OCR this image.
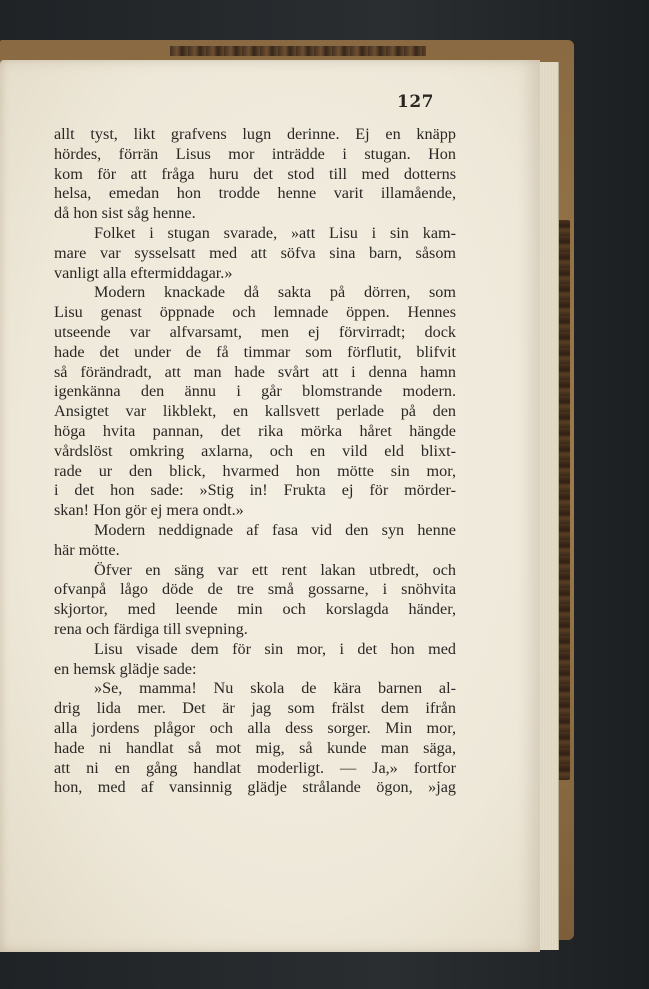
127
allt tyst, likt grafvens lugn derinne. Ej en knäpp
hördes, förrän Lisus mor inträdde i stugan. Hon
kom för att fråga huru det stod till med dotterns
helsa, emedan hon trodde henne varit illamående,
då hon sist såg henne.
Folket i stugan svarade, »att Lisu i sin kam-
mare var sysselsatt med att söfva sina barn, såsom
vanligt alla eftermiddagar.»
Modern knackade då sakta på dörren, som
Lisu genast öppnade och lemnade öppen. Hennes
utseende var alfvarsamt, men ej förvirradt; dock
hade det under de få timmar som förflutit, blifvit
så förändradt, att man hade svårt att i denna hamn
igenkänna den ännu i går blomstrande modern.
Ansigtet var likblekt, en kallsvett perlade på den
höga hvita pannan, det rika mörka håret hängde
vårdslöst omkring axlarna, och en vild eld blixt-
rade ur den blick, hvarmed hon mötte sin mor,
i det hon sade: »Stig in! Frukta ej för mörder-
skan! Hon gör ej mera ondt.»
Modern neddignade af fasa vid den syn henne
här mötte.
Öfver en säng var ett rent lakan utbredt, och
ofvanpå lågo döde de tre små gossarne, i snöhvita
skjortor, med leende min och korslagda händer,
rena och färdiga till svepning.
Lisu visade dem för sin mor, i det hon med
en hemsk glädje sade:
»Se, mamma! Nu skola de kära barnen al-
drig lida mer. Det är jag som frälst dem ifrån
alla jordens plågor och alla dess sorger. Min mor,
hade ni handlat så mot mig, så kunde man säga,
att ni en gång handlat moderligt. — Ja,» fortfor
hon, med af vansinnig glädje strålande ögon, »jag
